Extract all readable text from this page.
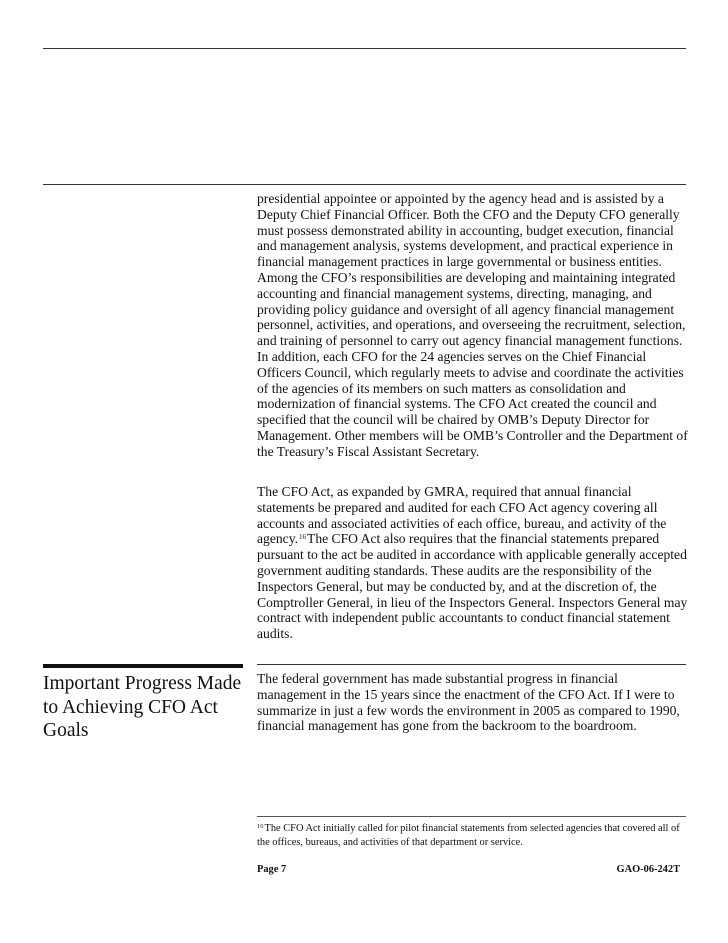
presidential appointee or appointed by the agency head and is assisted by a Deputy Chief Financial Officer. Both the CFO and the Deputy CFO generally must possess demonstrated ability in accounting, budget execution, financial and management analysis, systems development, and practical experience in financial management practices in large governmental or business entities. Among the CFO’s responsibilities are developing and maintaining integrated accounting and financial management systems, directing, managing, and providing policy guidance and oversight of all agency financial management personnel, activities, and operations, and overseeing the recruitment, selection, and training of personnel to carry out agency financial management functions. In addition, each CFO for the 24 agencies serves on the Chief Financial Officers Council, which regularly meets to advise and coordinate the activities of the agencies of its members on such matters as consolidation and modernization of financial systems. The CFO Act created the council and specified that the council will be chaired by OMB’s Deputy Director for Management. Other members will be OMB’s Controller and the Department of the Treasury’s Fiscal Assistant Secretary.

The CFO Act, as expanded by GMRA, required that annual financial statements be prepared and audited for each CFO Act agency covering all accounts and associated activities of each office, bureau, and activity of the agency.$^{16}$The CFO Act also requires that the financial statements prepared pursuant to the act be audited in accordance with applicable generally accepted government auditing standards. These audits are the responsibility of the Inspectors General, but may be conducted by, and at the discretion of, the Comptroller General, in lieu of the Inspectors General. Inspectors General may contract with independent public accountants to conduct financial statement audits.

Important Progress Made to Achieving CFO Act Goals

The federal government has made substantial progress in financial management in the 15 years since the enactment of the CFO Act. If I were to summarize in just a few words the environment in 2005 as compared to 1990, financial management has gone from the backroom to the boardroom.

$^{16}$The CFO Act initially called for pilot financial statements from selected agencies that covered all of the offices, bureaus, and activities of that department or service.

Page 7	GAO-06-242T
